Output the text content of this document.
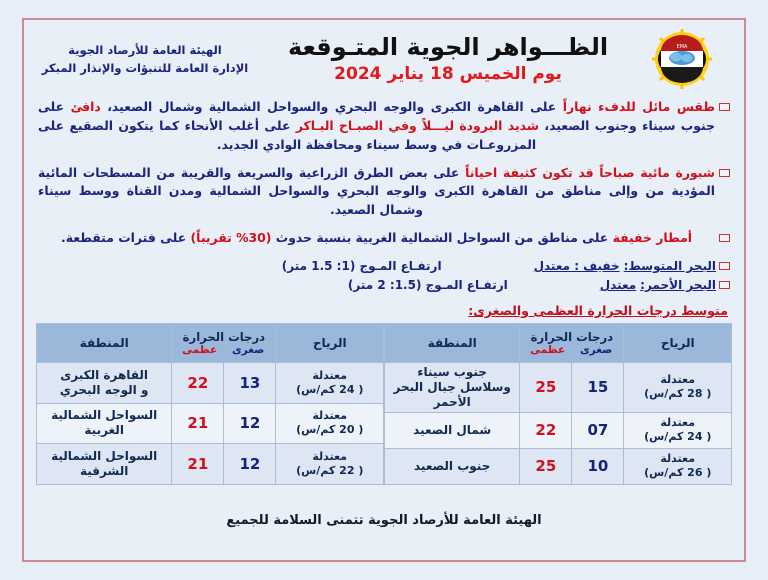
EMA
الظـــواهر الجوية المتـوقعة
يوم الخميس 18 يناير 2024
الهيئة العامة للأرصاد الجوية
الإدارة العامة للتنبؤات والإنذار المبكر
طقس مائل للدفء نهاراً على القاهرة الكبرى والوجه البحري والسواحل الشمالية وشمال الصعيد، دافئ على جنوب سيناء وجنوب الصعيد، شديد البرودة ليـــلاً وفي الصبـاح البـاكر على أغلب الأنحاء كما يتكون الصقيع على المزروعـات في وسط سيناء ومحافظة الوادي الجديد.
شبورة مائية صباحاً قد تكون كثيفة احياناً على بعض الطرق الزراعية والسريعة والقريبة من المسطحات المائية المؤدية من وإلى مناطق من القاهرة الكبرى والوجه البحري والسواحل الشمالية ومدن القناة ووسط سيناء وشمال الصعيد.
أمطار خفيفة على مناطق من السواحل الشمالية الغربية بنسبة حدوث (30% تقريباً) على فترات متقطعة.
البحر المتوسط:
خفيف : معتدل
ارتفـاع المـوج (1: 1.5 متر)
البحر الأحمر:
معتدل
ارتفـاع المـوج (1.5: 2 متر)
متوسط درجات الحرارة العظمى والصغرى:
الرياح	درجات الحرارة
صغرى
عظمى		المنطقة
معتدلة
( 28 كم/س)	15	25	جنوب سيناء
وسلاسل جبال البحر الأحمر
معتدلة
( 24 كم/س)	07	22	شمال الصعيد
معتدلة
( 26 كم/س)	10	25	جنوب الصعيد
الرياح	درجات الحرارة
صغرى
عظمى		المنطقة
معتدلة
( 24 كم/س)	13	22	القاهرة الكبرى
و الوجه البحري
معتدلة
( 20 كم/س)	12	21	السواحل الشمالية الغربية
معتدلة
( 22 كم/س)	12	21	السواحل الشمالية الشرقية
الهيئة العامة للأرصاد الجوية تتمنى السلامة للجميع
